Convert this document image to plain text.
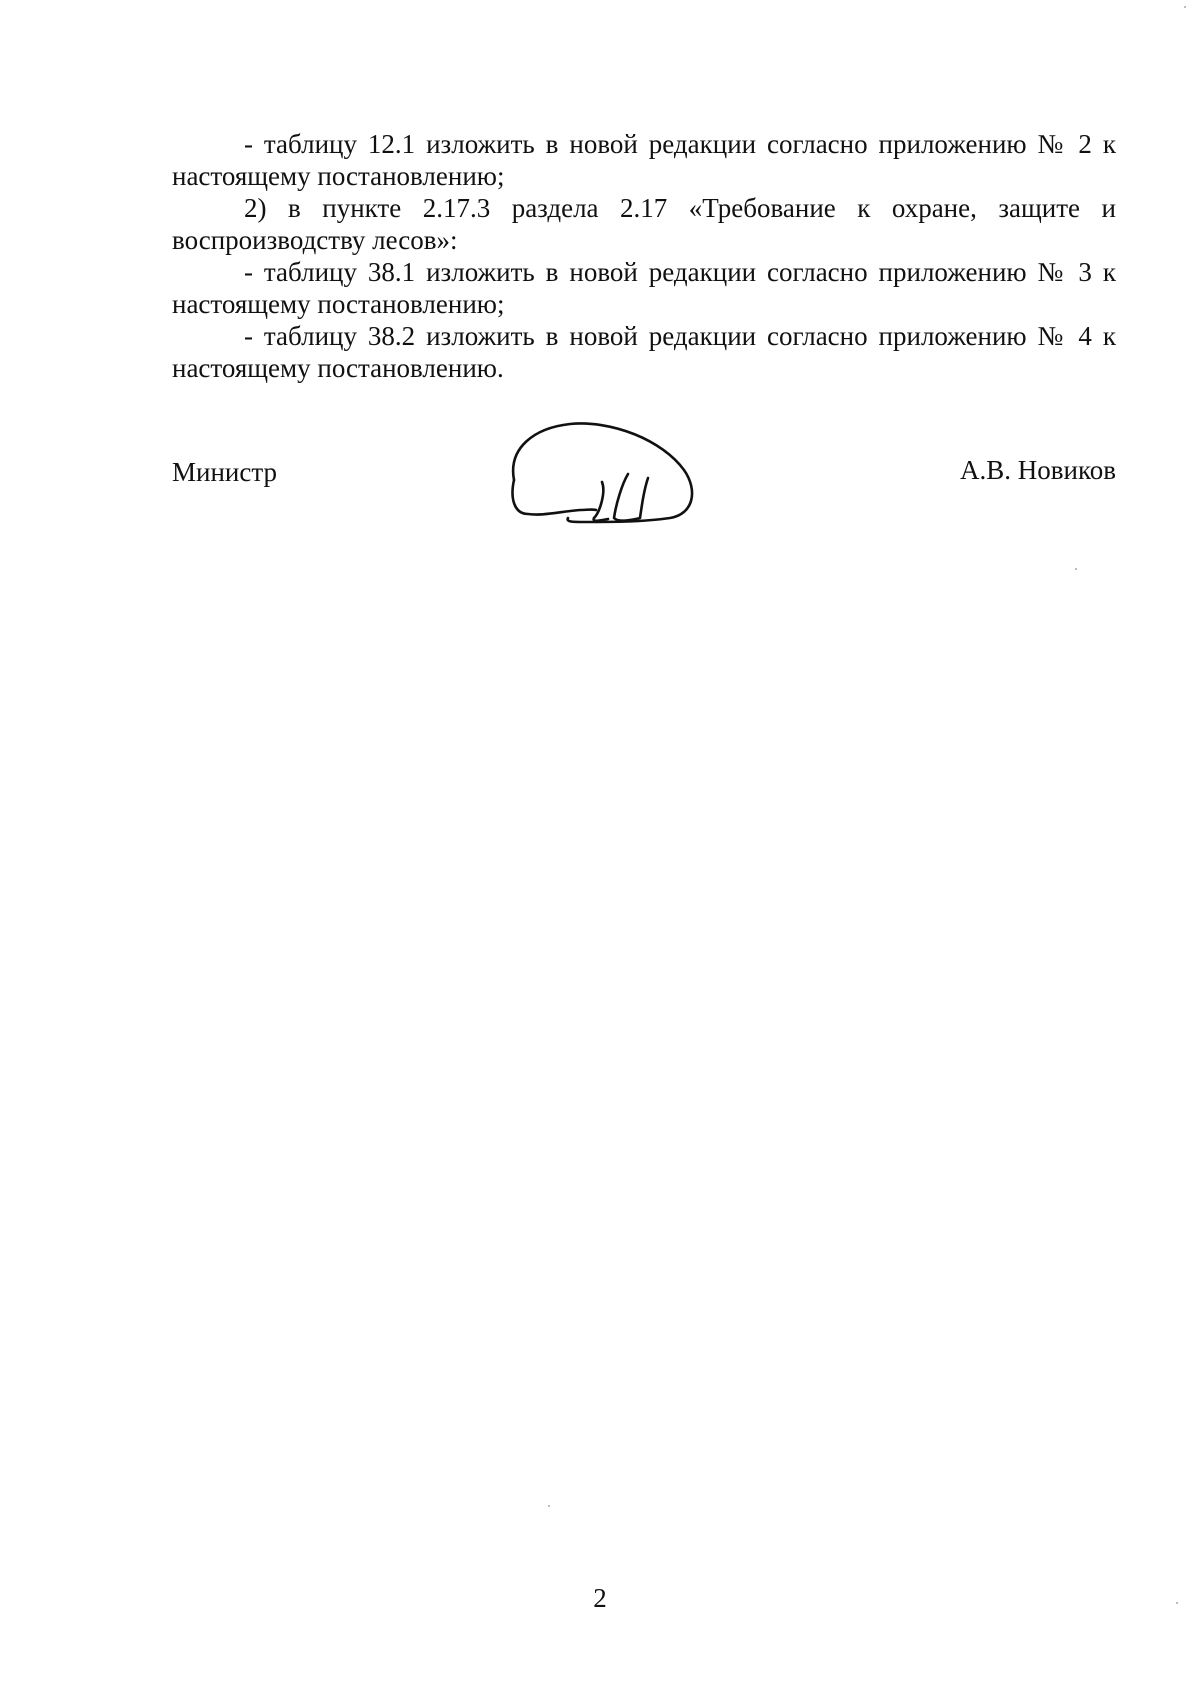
- таблицу 12.1 изложить в новой редакции согласно приложению № 2 к настоящему постановлению;

2) в пункте 2.17.3 раздела 2.17 «Требование к охране, защите и воспроизводству лесов»:

- таблицу 38.1 изложить в новой редакции согласно приложению № 3 к настоящему постановлению;

- таблицу 38.2 изложить в новой редакции согласно приложению № 4 к настоящему постановлению.

Министр	А.В. Новиков
2
